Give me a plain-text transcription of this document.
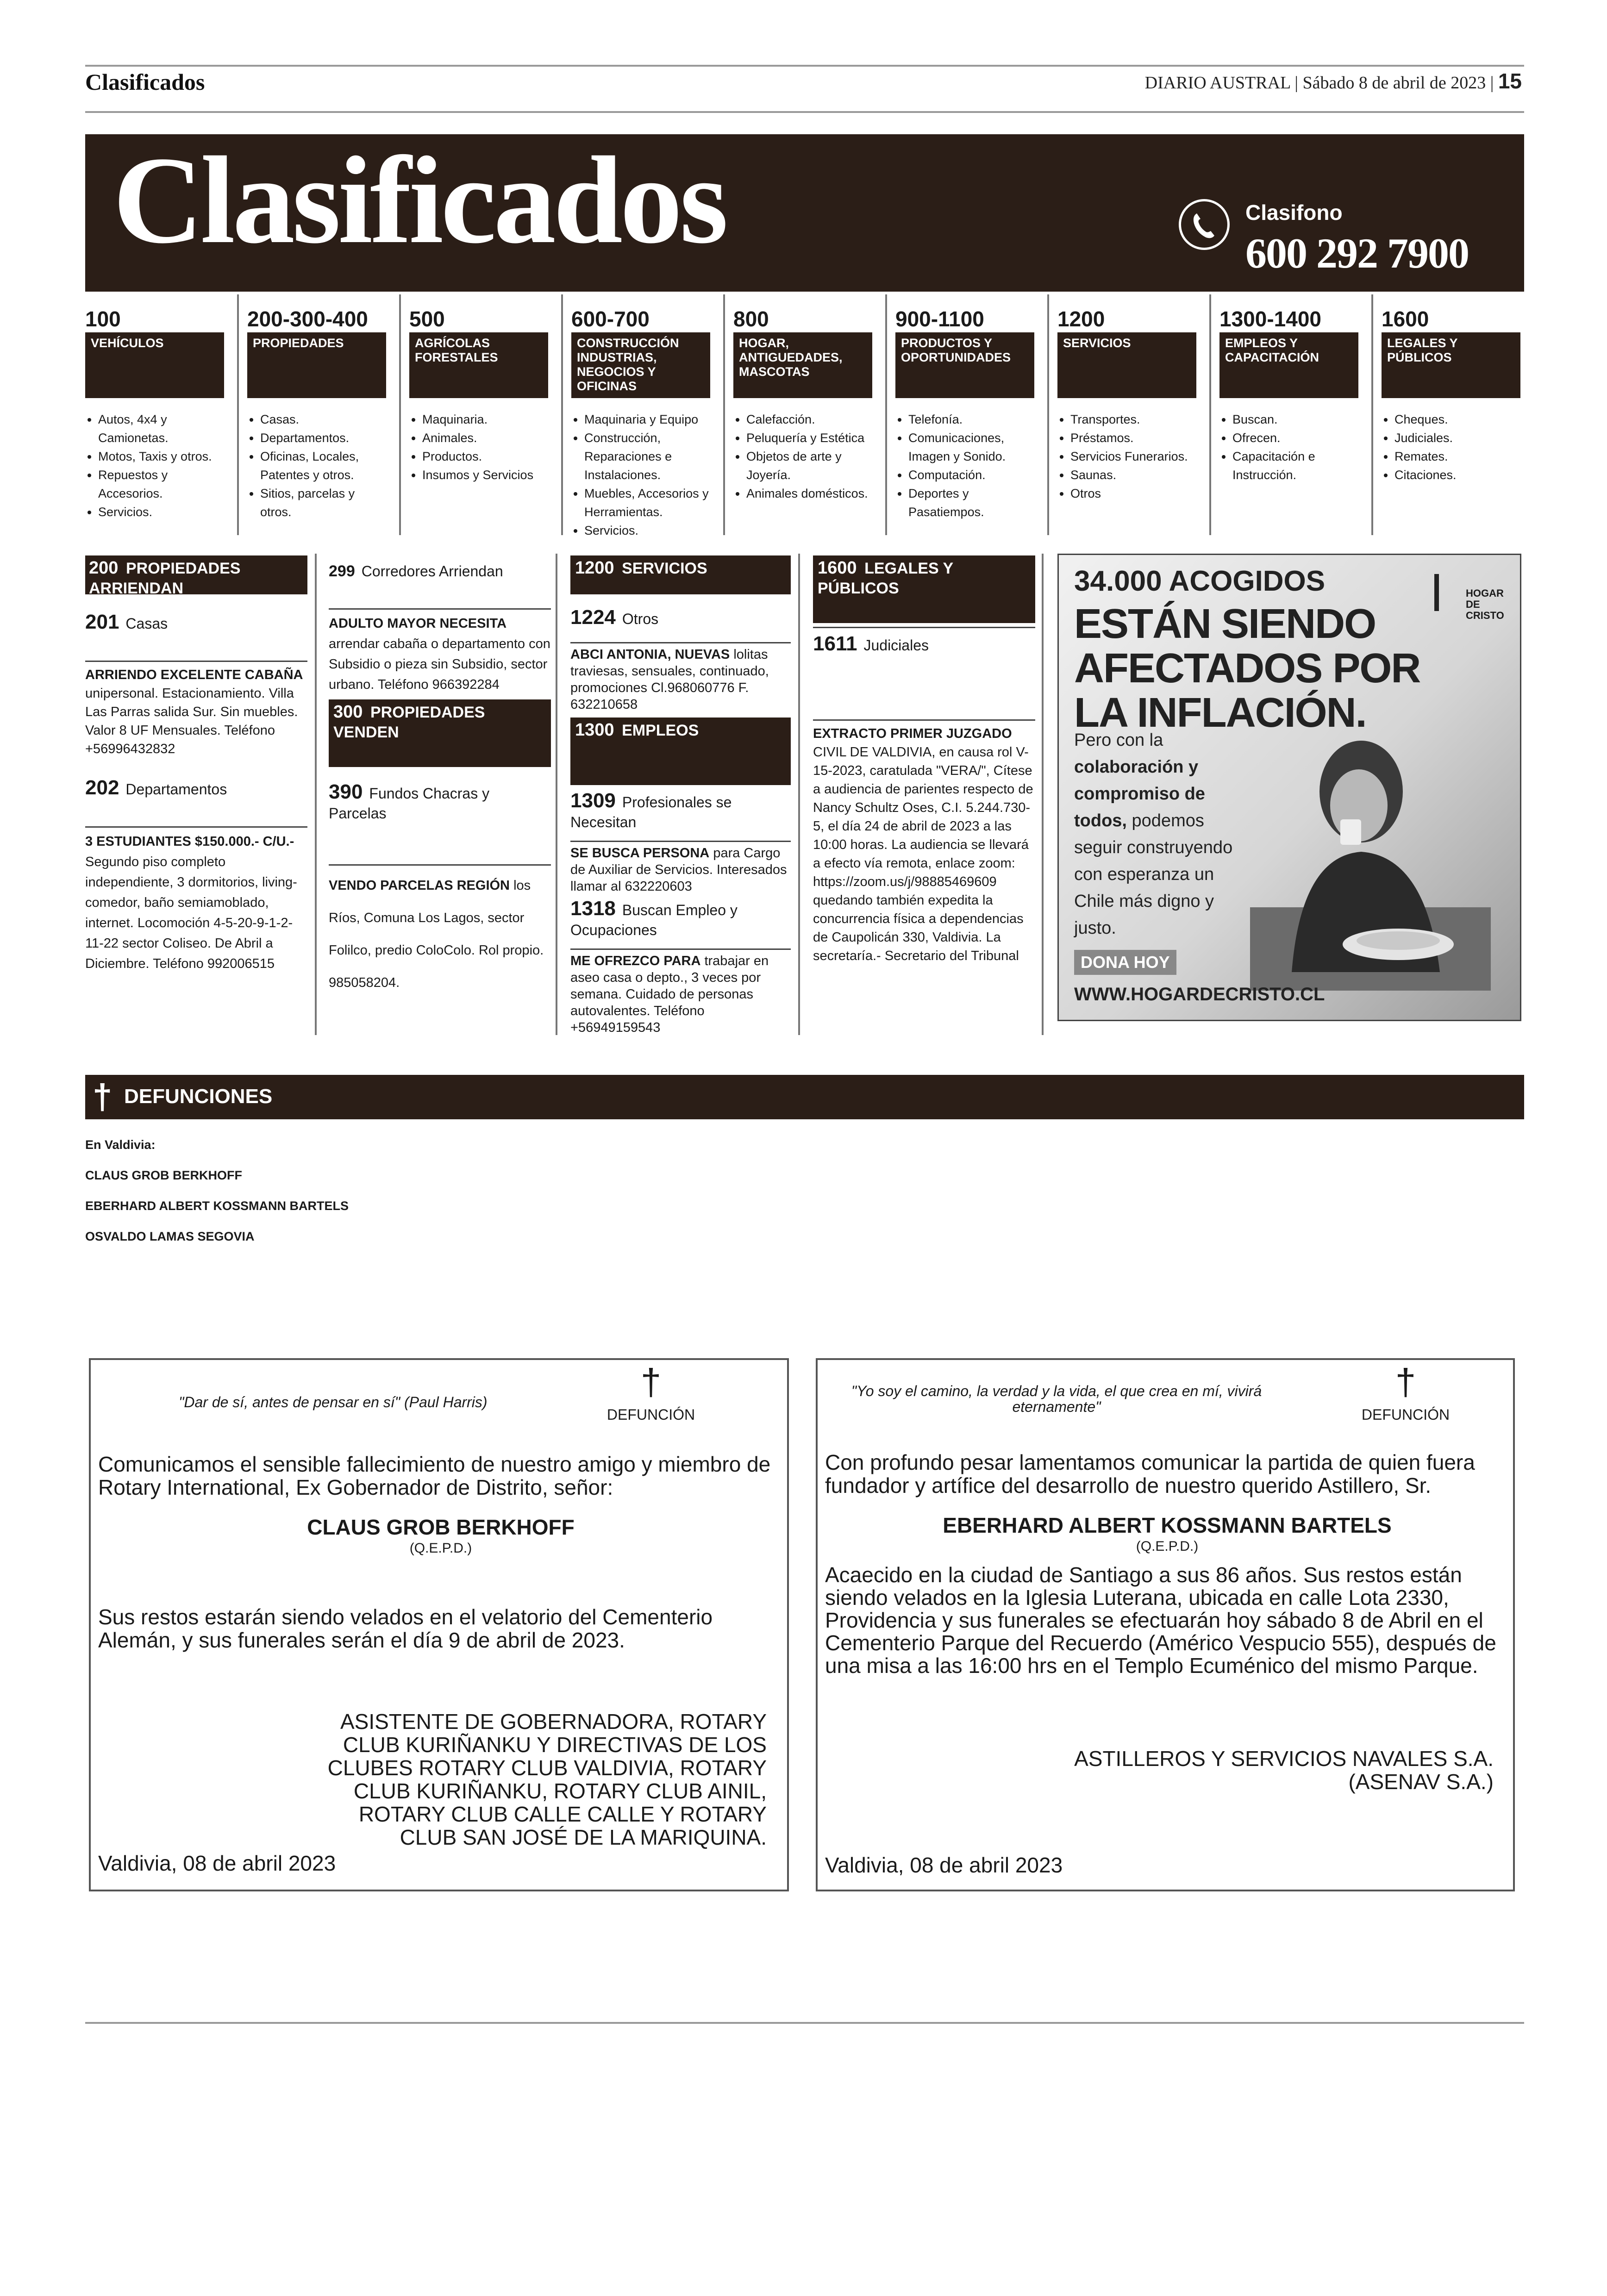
Clasificados	DIARIO AUSTRAL | Sábado 8 de abril de 2023 | 15
Clasificados	Clasifono
600 292 7900
100
VEHÍCULOS
• Autos, 4x4 y Camionetas.
• Motos, Taxis y otros.
• Repuestos y Accesorios.
• Servicios.
200-300-400
PROPIEDADES
• Casas.
• Departamentos.
• Oficinas, Locales, Patentes y otros.
• Sitios, parcelas y otros.
500
AGRÍCOLAS FORESTALES
• Maquinaria.
• Animales.
• Productos.
• Insumos y Servicios
600-700
CONSTRUCCIÓN INDUSTRIAS, NEGOCIOS Y OFICINAS
• Maquinaria y Equipo
• Construcción, Reparaciones e Instalaciones.
• Muebles, Accesorios y Herramientas.
• Servicios.
800
HOGAR, ANTIGUEDADES, MASCOTAS
• Calefacción.
• Peluquería y Estética
• Objetos de arte y Joyería.
• Animales domésticos.
900-1100
PRODUCTOS Y OPORTUNIDADES
• Telefonía.
• Comunicaciones, Imagen y Sonido.
• Computación.
• Deportes y Pasatiempos.
1200
SERVICIOS
• Transportes.
• Préstamos.
• Servicios Funerarios.
• Saunas.
• Otros
1300-1400
EMPLEOS Y CAPACITACIÓN
• Buscan.
• Ofrecen.
• Capacitación e Instrucción.
1600
LEGALES Y PÚBLICOS
• Cheques.
• Judiciales.
• Remates.
• Citaciones.
200 PROPIEDADES ARRIENDAN
201 Casas
ARRIENDO EXCELENTE CABAÑA unipersonal. Estacionamiento. Villa Las Parras salida Sur. Sin muebles. Valor 8 UF Mensuales. Teléfono +56996432832
202 Departamentos
3 ESTUDIANTES $150.000.- C/U.- Segundo piso completo independiente, 3 dormitorios, living-comedor, baño semiamoblado, internet. Locomoción 4-5-20-9-1-2-11-22 sector Coliseo. De Abril a Diciembre. Teléfono 992006515
299 Corredores Arriendan
ADULTO MAYOR NECESITA arrendar cabaña o departamento con Subsidio o pieza sin Subsidio, sector urbano. Teléfono 966392284
300 PROPIEDADES VENDEN
390 Fundos Chacras y Parcelas
VENDO PARCELAS REGIÓN los Ríos, Comuna Los Lagos, sector Folilco, predio ColoColo. Rol propio. 985058204.
1200 SERVICIOS
1224 Otros
ABCI ANTONIA, NUEVAS lolitas traviesas, sensuales, continuado, promociones Cl.968060776 F. 632210658
1300 EMPLEOS
1309 Profesionales se Necesitan
SE BUSCA PERSONA para Cargo de Auxiliar de Servicios. Interesados llamar al 632220603
1318 Buscan Empleo y Ocupaciones
ME OFREZCO PARA trabajar en aseo casa o depto., 3 veces por semana. Cuidado de personas autovalentes. Teléfono +56949159543
1600 LEGALES Y PÚBLICOS
1611 Judiciales
EXTRACTO PRIMER JUZGADO CIVIL DE VALDIVIA, en causa rol V-15-2023, caratulada "VERA/", Cítese a audiencia de parientes respecto de Nancy Schultz Oses, C.I. 5.244.730-5, el día 24 de abril de 2023 a las 10:00 horas. La audiencia se llevará a efecto vía remota, enlace zoom: https://zoom.us/j/98885469609 quedando también expedita la concurrencia física a dependencias de Caupolicán 330, Valdivia. La secretaría.- Secretario del Tribunal
34.000 ACOGIDOS
ESTÁN SIENDO AFECTADOS POR LA INFLACIÓN.
HOGAR DE CRISTO
Pero con la colaboración y compromiso de todos, podemos seguir construyendo con esperanza un Chile más digno y justo.
DONA HOY
WWW.HOGARDECRISTO.CL
† DEFUNCIONES
En Valdivia:
CLAUS GROB BERKHOFF
EBERHARD ALBERT KOSSMANN BARTELS
OSVALDO LAMAS SEGOVIA
"Dar de sí, antes de pensar en sí" (Paul Harris)	†
DEFUNCIÓN
Comunicamos el sensible fallecimiento de nuestro amigo y miembro de Rotary International, Ex Gobernador de Distrito, señor:
CLAUS GROB BERKHOFF
(Q.E.P.D.)
Sus restos estarán siendo velados en el velatorio del Cementerio Alemán, y sus funerales serán el día 9 de abril de 2023.
ASISTENTE DE GOBERNADORA, ROTARY CLUB KURIÑANKU Y DIRECTIVAS DE LOS CLUBES ROTARY CLUB VALDIVIA, ROTARY CLUB KURIÑANKU, ROTARY CLUB AINIL, ROTARY CLUB CALLE CALLE Y ROTARY CLUB SAN JOSÉ DE LA MARIQUINA.
Valdivia, 08 de abril 2023
"Yo soy el camino, la verdad y la vida, el que crea en mí, vivirá eternamente"
†
DEFUNCIÓN
Con profundo pesar lamentamos comunicar la partida de quien fuera fundador y artífice del desarrollo de nuestro querido Astillero, Sr.
EBERHARD ALBERT KOSSMANN BARTELS
(Q.E.P.D.)
Acaecido en la ciudad de Santiago a sus 86 años. Sus restos están siendo velados en la Iglesia Luterana, ubicada en calle Lota 2330, Providencia y sus funerales se efectuarán hoy sábado 8 de Abril en el Cementerio Parque del Recuerdo (Américo Vespucio 555), después de una misa a las 16:00 hrs en el Templo Ecuménico del mismo Parque.
ASTILLEROS Y SERVICIOS NAVALES S.A.
(ASENAV S.A.)
Valdivia, 08 de abril 2023
